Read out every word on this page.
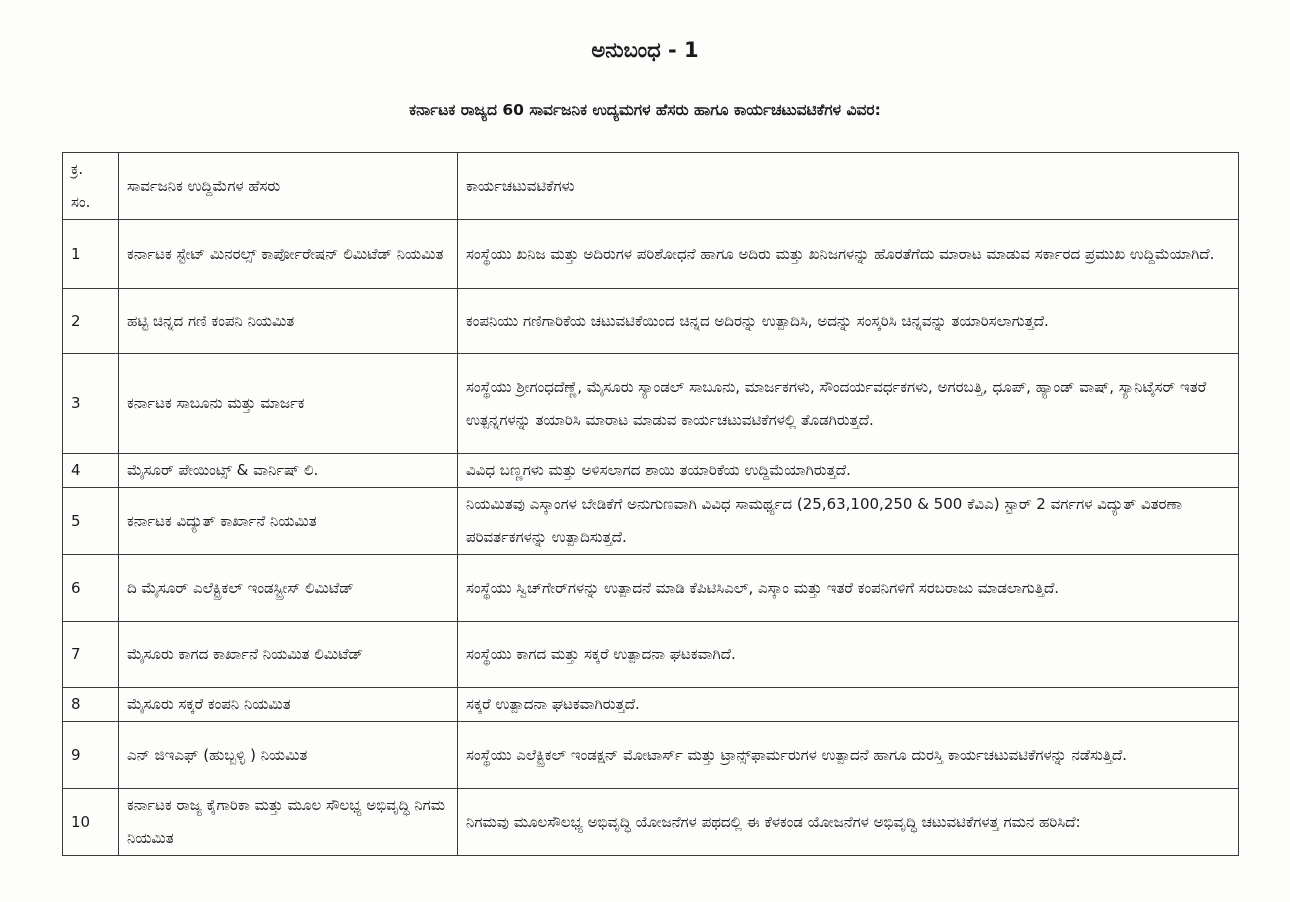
ಅನುಬಂಧ - 1
ಕರ್ನಾಟಕ ರಾಜ್ಯದ 60 ಸಾರ್ವಜನಿಕ ಉದ್ಯಮಗಳ ಹೆಸರು ಹಾಗೂ ಕಾರ್ಯಚಟುವಟಿಕೆಗಳ ವಿವರ:
ಕ್ರ.
ಸಂ.	ಸಾರ್ವಜನಿಕ ಉದ್ದಿಮೆಗಳ ಹೆಸರು	ಕಾರ್ಯಚಟುವಟಿಕೆಗಳು
1	ಕರ್ನಾಟಕ ಸ್ಟೇಟ್ ಮಿನರಲ್ಸ್ ಕಾರ್ಪೋರೇಷನ್ ಲಿಮಿಟೆಡ್ ನಿಯಮಿತ	ಸಂಸ್ಥೆಯು ಖನಿಜ ಮತ್ತು ಅದಿರುಗಳ ಪರಿಶೋಧನೆ ಹಾಗೂ ಅದಿರು ಮತ್ತು ಖನಿಜಗಳನ್ನು ಹೊರತೆಗೆದು ಮಾರಾಟ ಮಾಡುವ ಸರ್ಕಾರದ ಪ್ರಮುಖ ಉದ್ದಿಮೆಯಾಗಿದೆ.
2	ಹಟ್ಟಿ ಚಿನ್ನದ ಗಣಿ ಕಂಪನಿ ನಿಯಮಿತ	ಕಂಪನಿಯು ಗಣಿಗಾರಿಕೆಯ ಚಟುವಟಿಕೆಯಿಂದ ಚಿನ್ನದ ಅದಿರನ್ನು ಉತ್ಪಾದಿಸಿ, ಅದನ್ನು ಸಂಸ್ಕರಿಸಿ ಚಿನ್ನವನ್ನು ತಯಾರಿಸಲಾಗುತ್ತದೆ.
3	ಕರ್ನಾಟಕ ಸಾಬೂನು ಮತ್ತು ಮಾರ್ಜಕ	ಸಂಸ್ಥೆಯು ಶ್ರೀಗಂಧದೆಣ್ಣೆ, ಮೈಸೂರು ಸ್ಯಾಂಡಲ್ ಸಾಬೂನು, ಮಾರ್ಜಕಗಳು, ಸೌಂದರ್ಯವರ್ಧಕಗಳು, ಅಗರಬತ್ತಿ, ಧೂಪ್, ಹ್ಯಾಂಡ್ ವಾಷ್, ಸ್ಯಾನಿಟೈಸರ್ ಇತರೆ ಉತ್ಪನ್ನಗಳನ್ನು ತಯಾರಿಸಿ ಮಾರಾಟ ಮಾಡುವ ಕಾರ್ಯಚಟುವಟಿಕೆಗಳಲ್ಲಿ ತೊಡಗಿರುತ್ತದೆ.
4	ಮೈಸೂರ್ ಪೇಯಿಂಟ್ಸ್ & ವಾರ್ನಿಷ್ ಲಿ.	ವಿವಿಧ ಬಣ್ಣಗಳು ಮತ್ತು ಅಳಿಸಲಾಗದ ಶಾಯಿ ತಯಾರಿಕೆಯ ಉದ್ದಿಮೆಯಾಗಿರುತ್ತದೆ.
5	ಕರ್ನಾಟಕ ವಿದ್ಯುತ್ ಕಾರ್ಖಾನೆ ನಿಯಮಿತ	ನಿಯಮಿತವು ಎಸ್ಕಾಂಗಳ ಬೇಡಿಕೆಗೆ ಅನುಗುಣವಾಗಿ ವಿವಿಧ ಸಾಮರ್ಥ್ಯದ (25,63,100,250 & 500 ಕೆವಿಎ) ಸ್ಟಾರ್ 2 ವರ್ಗಗಳ ವಿದ್ಯುತ್ ವಿತರಣಾ ಪರಿವರ್ತಕಗಳನ್ನು ಉತ್ಪಾದಿಸುತ್ತದೆ.
6	ದಿ ಮೈಸೂರ್ ಎಲೆಕ್ಟ್ರಿಕಲ್ ಇಂಡಸ್ಟ್ರೀಸ್ ಲಿಮಿಟೆಡ್	ಸಂಸ್ಥೆಯು ಸ್ವಿಚ್‌ಗೇರ್‌ಗಳನ್ನು ಉತ್ಪಾದನೆ ಮಾಡಿ ಕೆಪಿಟಿಸಿಎಲ್, ಎಸ್ಕಾಂ ಮತ್ತು ಇತರೆ ಕಂಪನಿಗಳಿಗೆ ಸರಬರಾಜು ಮಾಡಲಾಗುತ್ತಿದೆ.
7	ಮೈಸೂರು ಕಾಗದ ಕಾರ್ಖಾನೆ ನಿಯಮಿತ ಲಿಮಿಟೆಡ್	ಸಂಸ್ಥೆಯು ಕಾಗದ ಮತ್ತು ಸಕ್ಕರೆ ಉತ್ಪಾದನಾ ಘಟಕವಾಗಿದೆ.
8	ಮೈಸೂರು ಸಕ್ಕರೆ ಕಂಪನಿ ನಿಯಮಿತ	ಸಕ್ಕರೆ ಉತ್ಪಾದನಾ ಘಟಕವಾಗಿರುತ್ತದೆ.
9	ಎನ್ ಜಿಇಎಫ್ (ಹುಬ್ಬಳ್ಳಿ ) ನಿಯಮಿತ	ಸಂಸ್ಥೆಯು ಎಲೆಕ್ಟ್ರಿಕಲ್ ಇಂಡಕ್ಷನ್ ಮೋಟಾರ್ಸ್ ಮತ್ತು ಟ್ರಾನ್ಸ್‌ಫಾರ್ಮರುಗಳ ಉತ್ಪಾದನೆ ಹಾಗೂ ದುರಸ್ತಿ ಕಾರ್ಯಚಟುವಟಿಕೆಗಳನ್ನು ನಡೆಸುತ್ತಿದೆ.
10	ಕರ್ನಾಟಕ ರಾಜ್ಯ ಕೈಗಾರಿಕಾ ಮತ್ತು ಮೂಲ ಸೌಲಭ್ಯ ಅಭಿವೃದ್ಧಿ ನಿಗಮ ನಿಯಮಿತ	ನಿಗಮವು ಮೂಲಸೌಲಭ್ಯ ಅಭಿವೃದ್ಧಿ ಯೋಜನೆಗಳ ಪಥದಲ್ಲಿ ಈ ಕೆಳಕಂಡ ಯೋಜನೆಗಳ ಅಭಿವೃದ್ಧಿ ಚಟುವಟಿಕೆಗಳತ್ತ ಗಮನ ಹರಿಸಿದೆ:
